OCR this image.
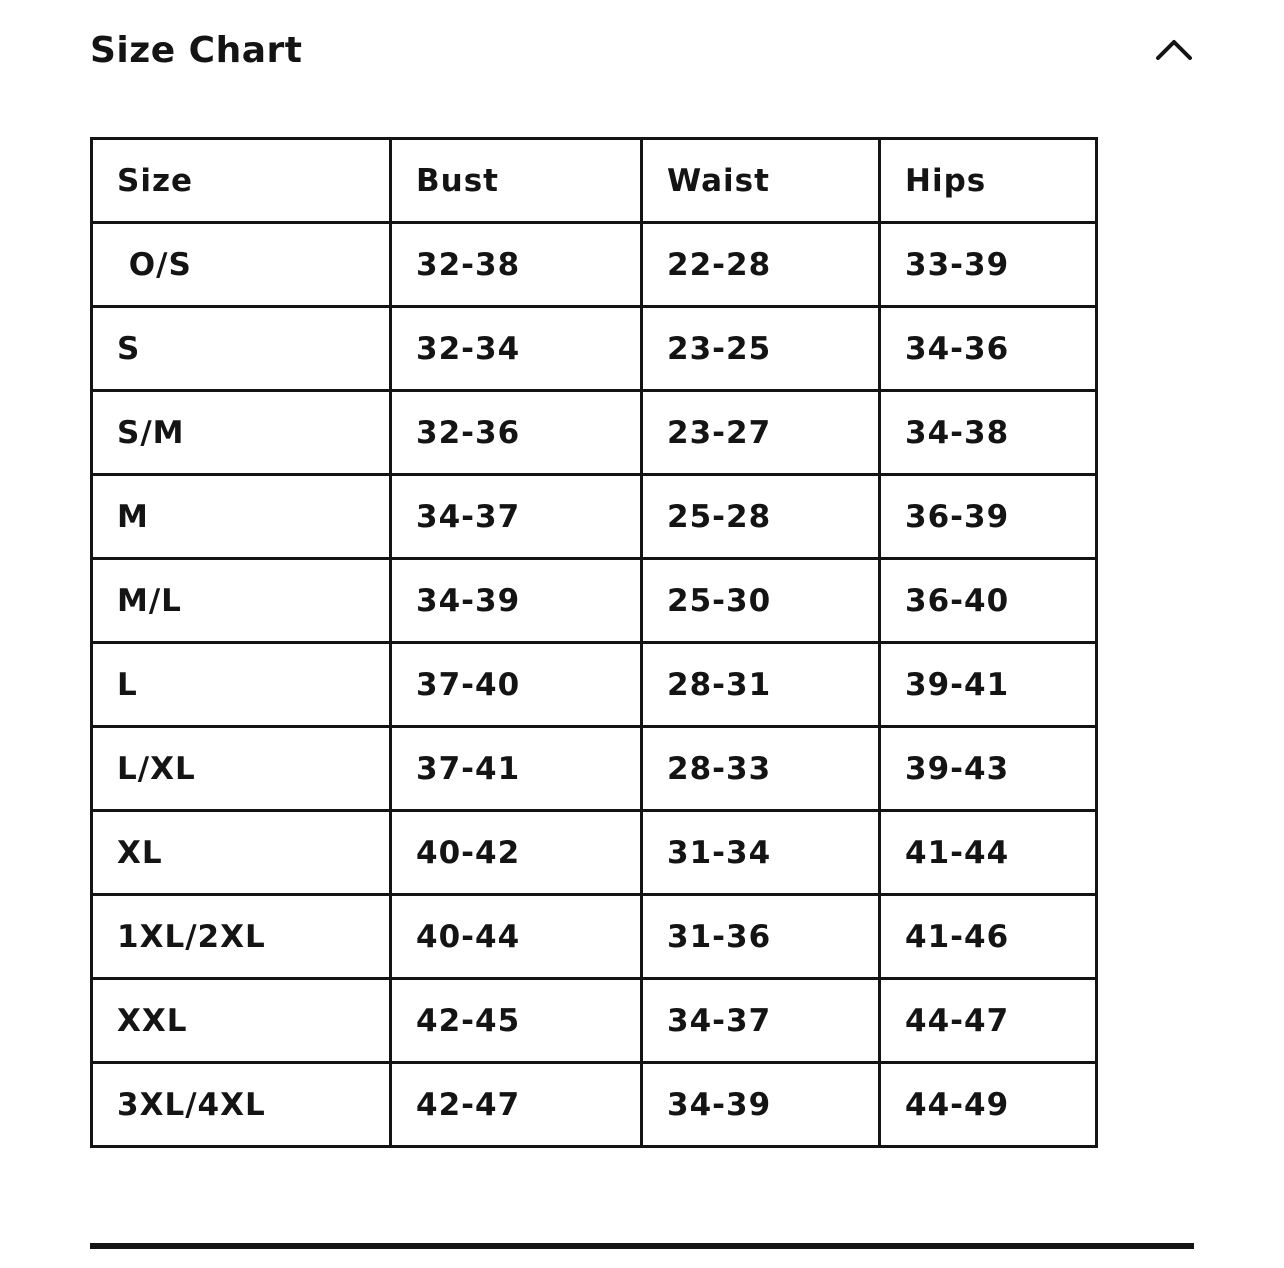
Size Chart
Size	Bust	Waist	Hips
O/S	32-38	22-28	33-39
S	32-34	23-25	34-36
S/M	32-36	23-27	34-38
M	34-37	25-28	36-39
M/L	34-39	25-30	36-40
L	37-40	28-31	39-41
L/XL	37-41	28-33	39-43
XL	40-42	31-34	41-44
1XL/2XL	40-44	31-36	41-46
XXL	42-45	34-37	44-47
3XL/4XL	42-47	34-39	44-49
